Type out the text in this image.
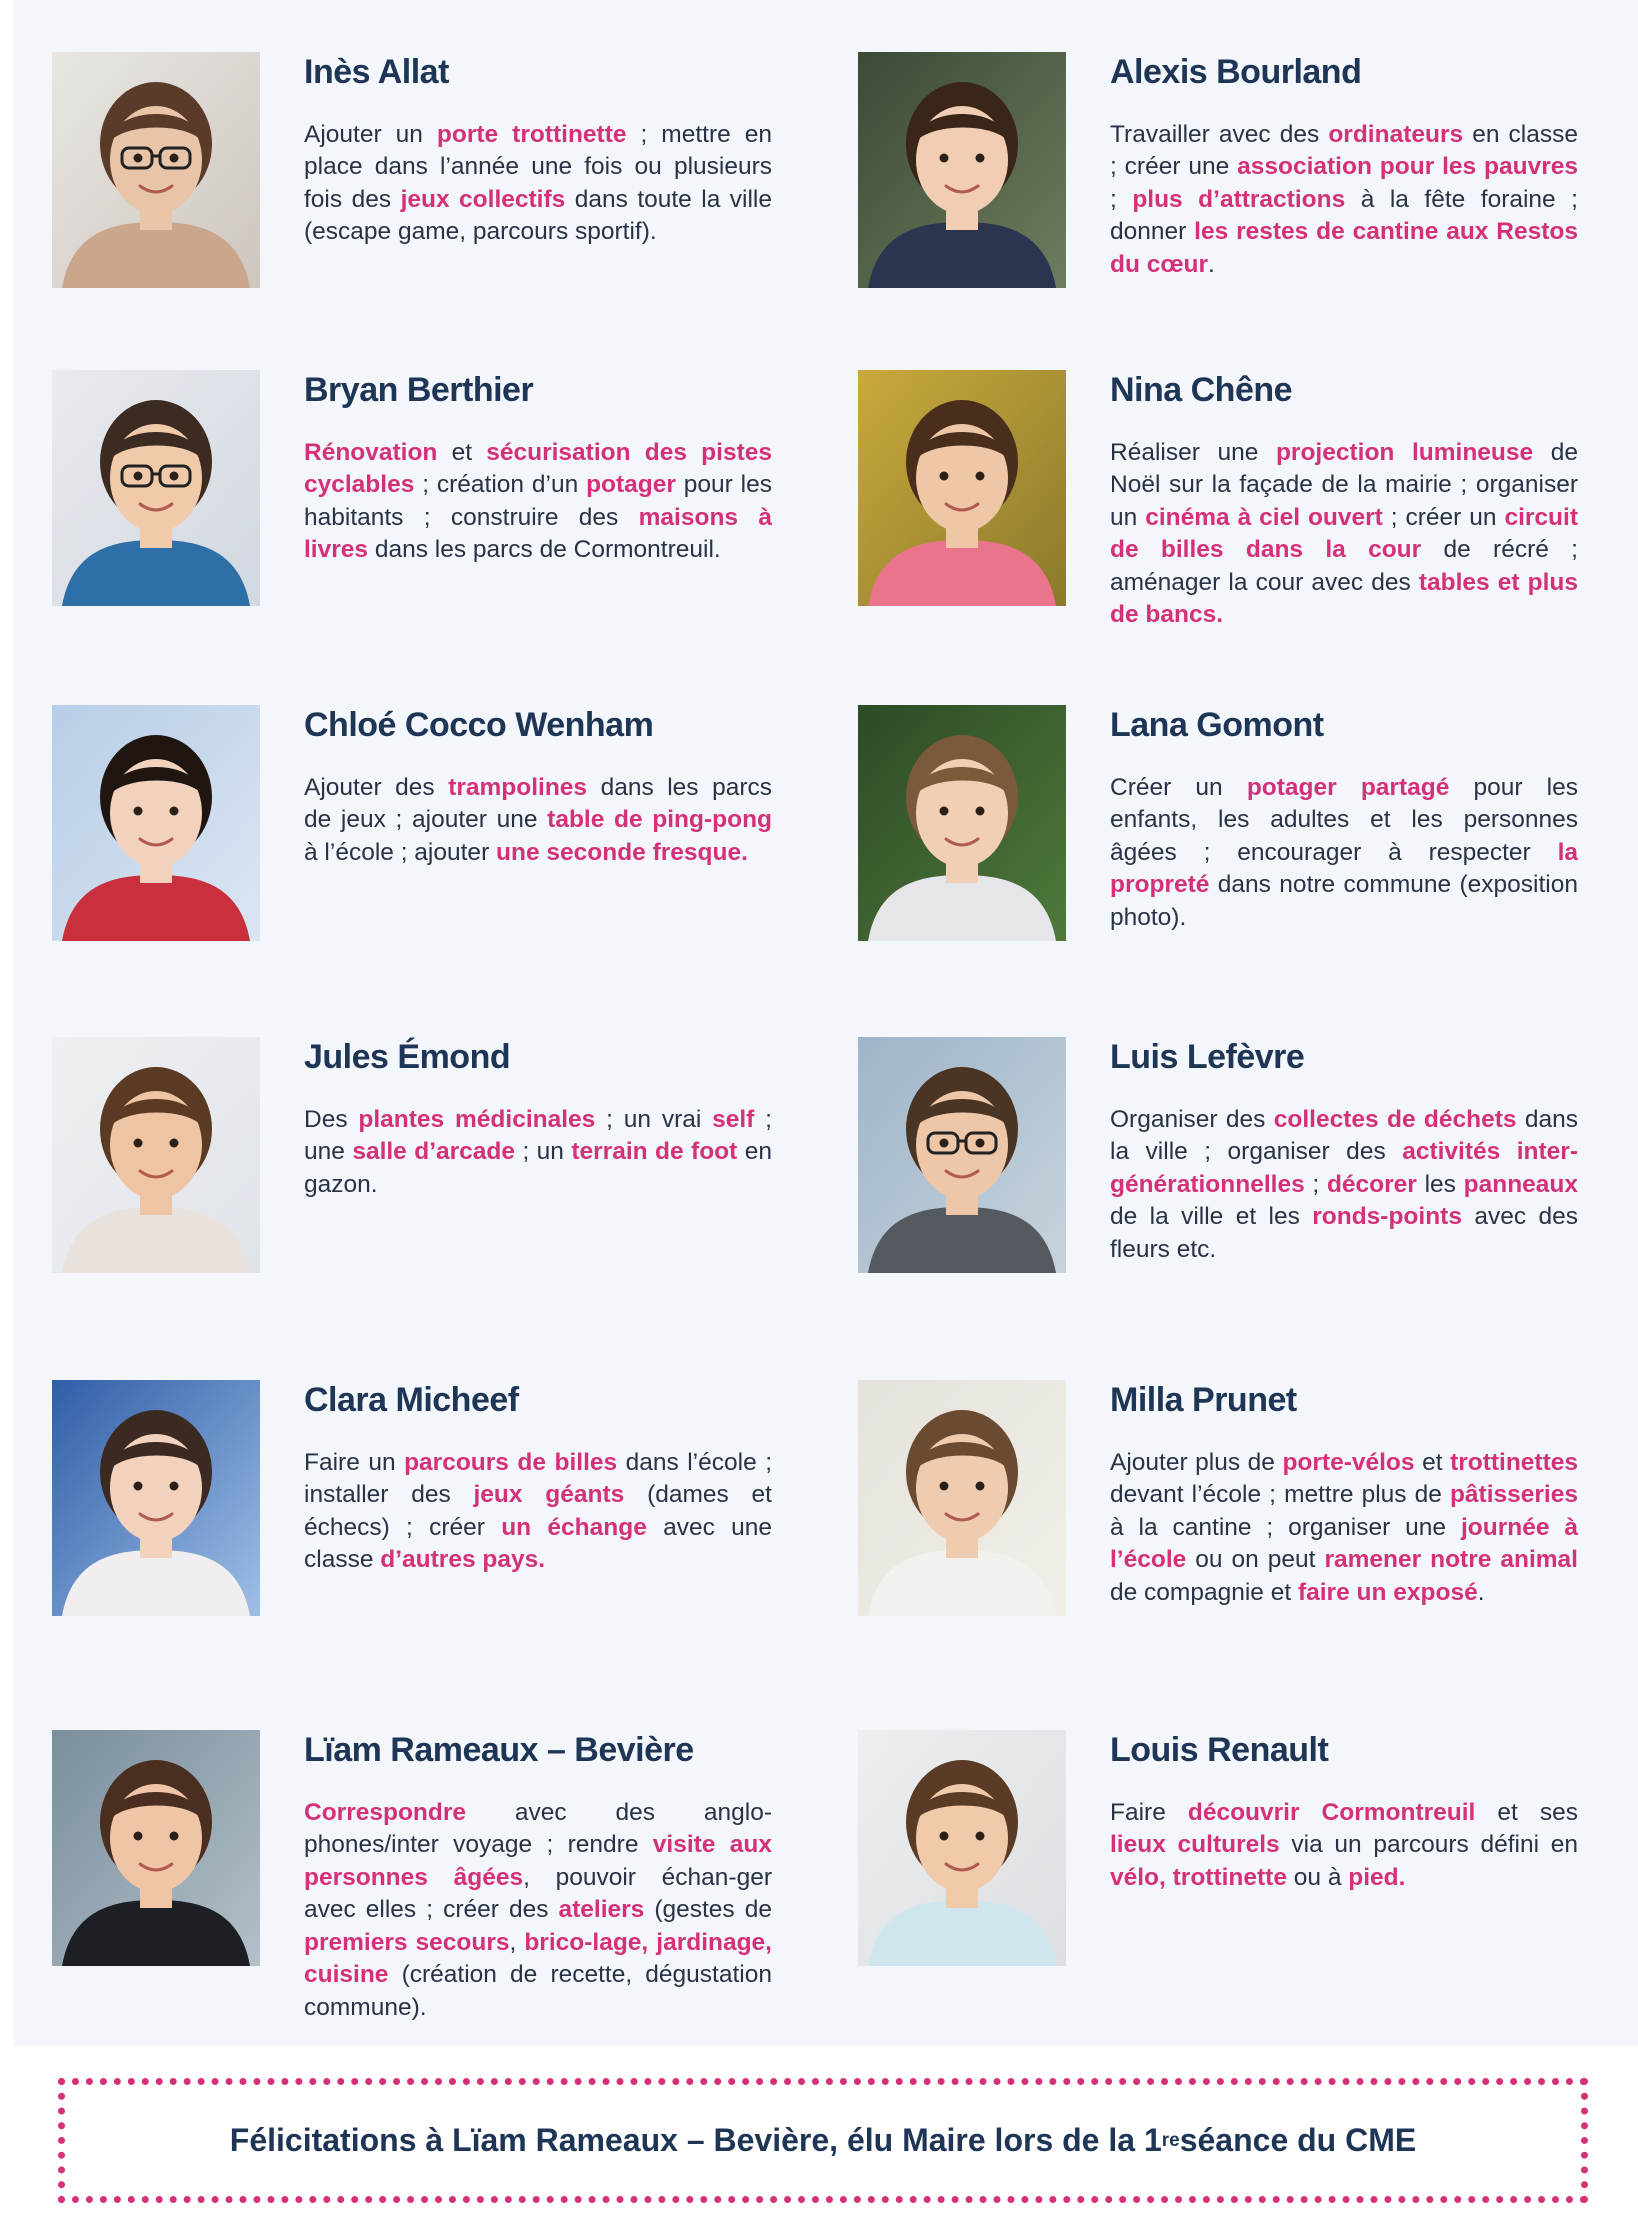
Inès Allat
Ajouter un porte trottinette ; mettre en place dans l’année une fois ou plusieurs fois des jeux collectifs dans toute la ville (escape game, parcours sportif).
Alexis Bourland
Travailler avec des ordinateurs en classe ; créer une association pour les pauvres ; plus d’attractions à la fête foraine ; donner les restes de cantine aux Restos du cœur.
Bryan Berthier
Rénovation et sécurisation des pistes cyclables ; création d’un potager pour les habitants ; construire des maisons à livres dans les parcs de Cormontreuil.
Nina Chêne
Réaliser une projection lumineuse de Noël sur la façade de la mairie ; organiser un cinéma à ciel ouvert ; créer un circuit de billes dans la cour de récré ; aménager la cour avec des tables et plus de bancs.
Chloé Cocco Wenham
Ajouter des trampolines dans les parcs de jeux ; ajouter une table de ping-pong à l’école ; ajouter une seconde fresque.
Lana Gomont
Créer un potager partagé pour les enfants, les adultes et les personnes âgées ; encourager à respecter la propreté dans notre commune (exposition photo).
Jules Émond
Des plantes médicinales ; un vrai self ; une salle d’arcade ; un terrain de foot en gazon.
Luis Lefèvre
Organiser des collectes de déchets dans la ville ; organiser des activités inter-générationnelles ; décorer les panneaux de la ville et les ronds-points avec des fleurs etc.
Clara Micheef
Faire un parcours de billes dans l’école ; installer des jeux géants (dames et échecs) ; créer un échange avec une classe d’autres pays.
Milla Prunet
Ajouter plus de porte-vélos et trottinettes devant l’école ; mettre plus de pâtisseries à la cantine ; organiser une journée à l’école ou on peut ramener notre animal de compagnie et faire un exposé.
Lïam Rameaux – Bevière
Correspondre avec des anglo-phones/inter voyage ; rendre visite aux personnes âgées, pouvoir échan-ger avec elles ; créer des ateliers (gestes de premiers secours, brico-lage, jardinage, cuisine (création de recette, dégustation commune).
Louis Renault
Faire découvrir Cormontreuil et ses lieux culturels via un parcours défini en vélo, trottinette ou à pied.
Félicitations à Lïam Rameaux – Bevière, élu Maire lors de la 1 re séance du CME
